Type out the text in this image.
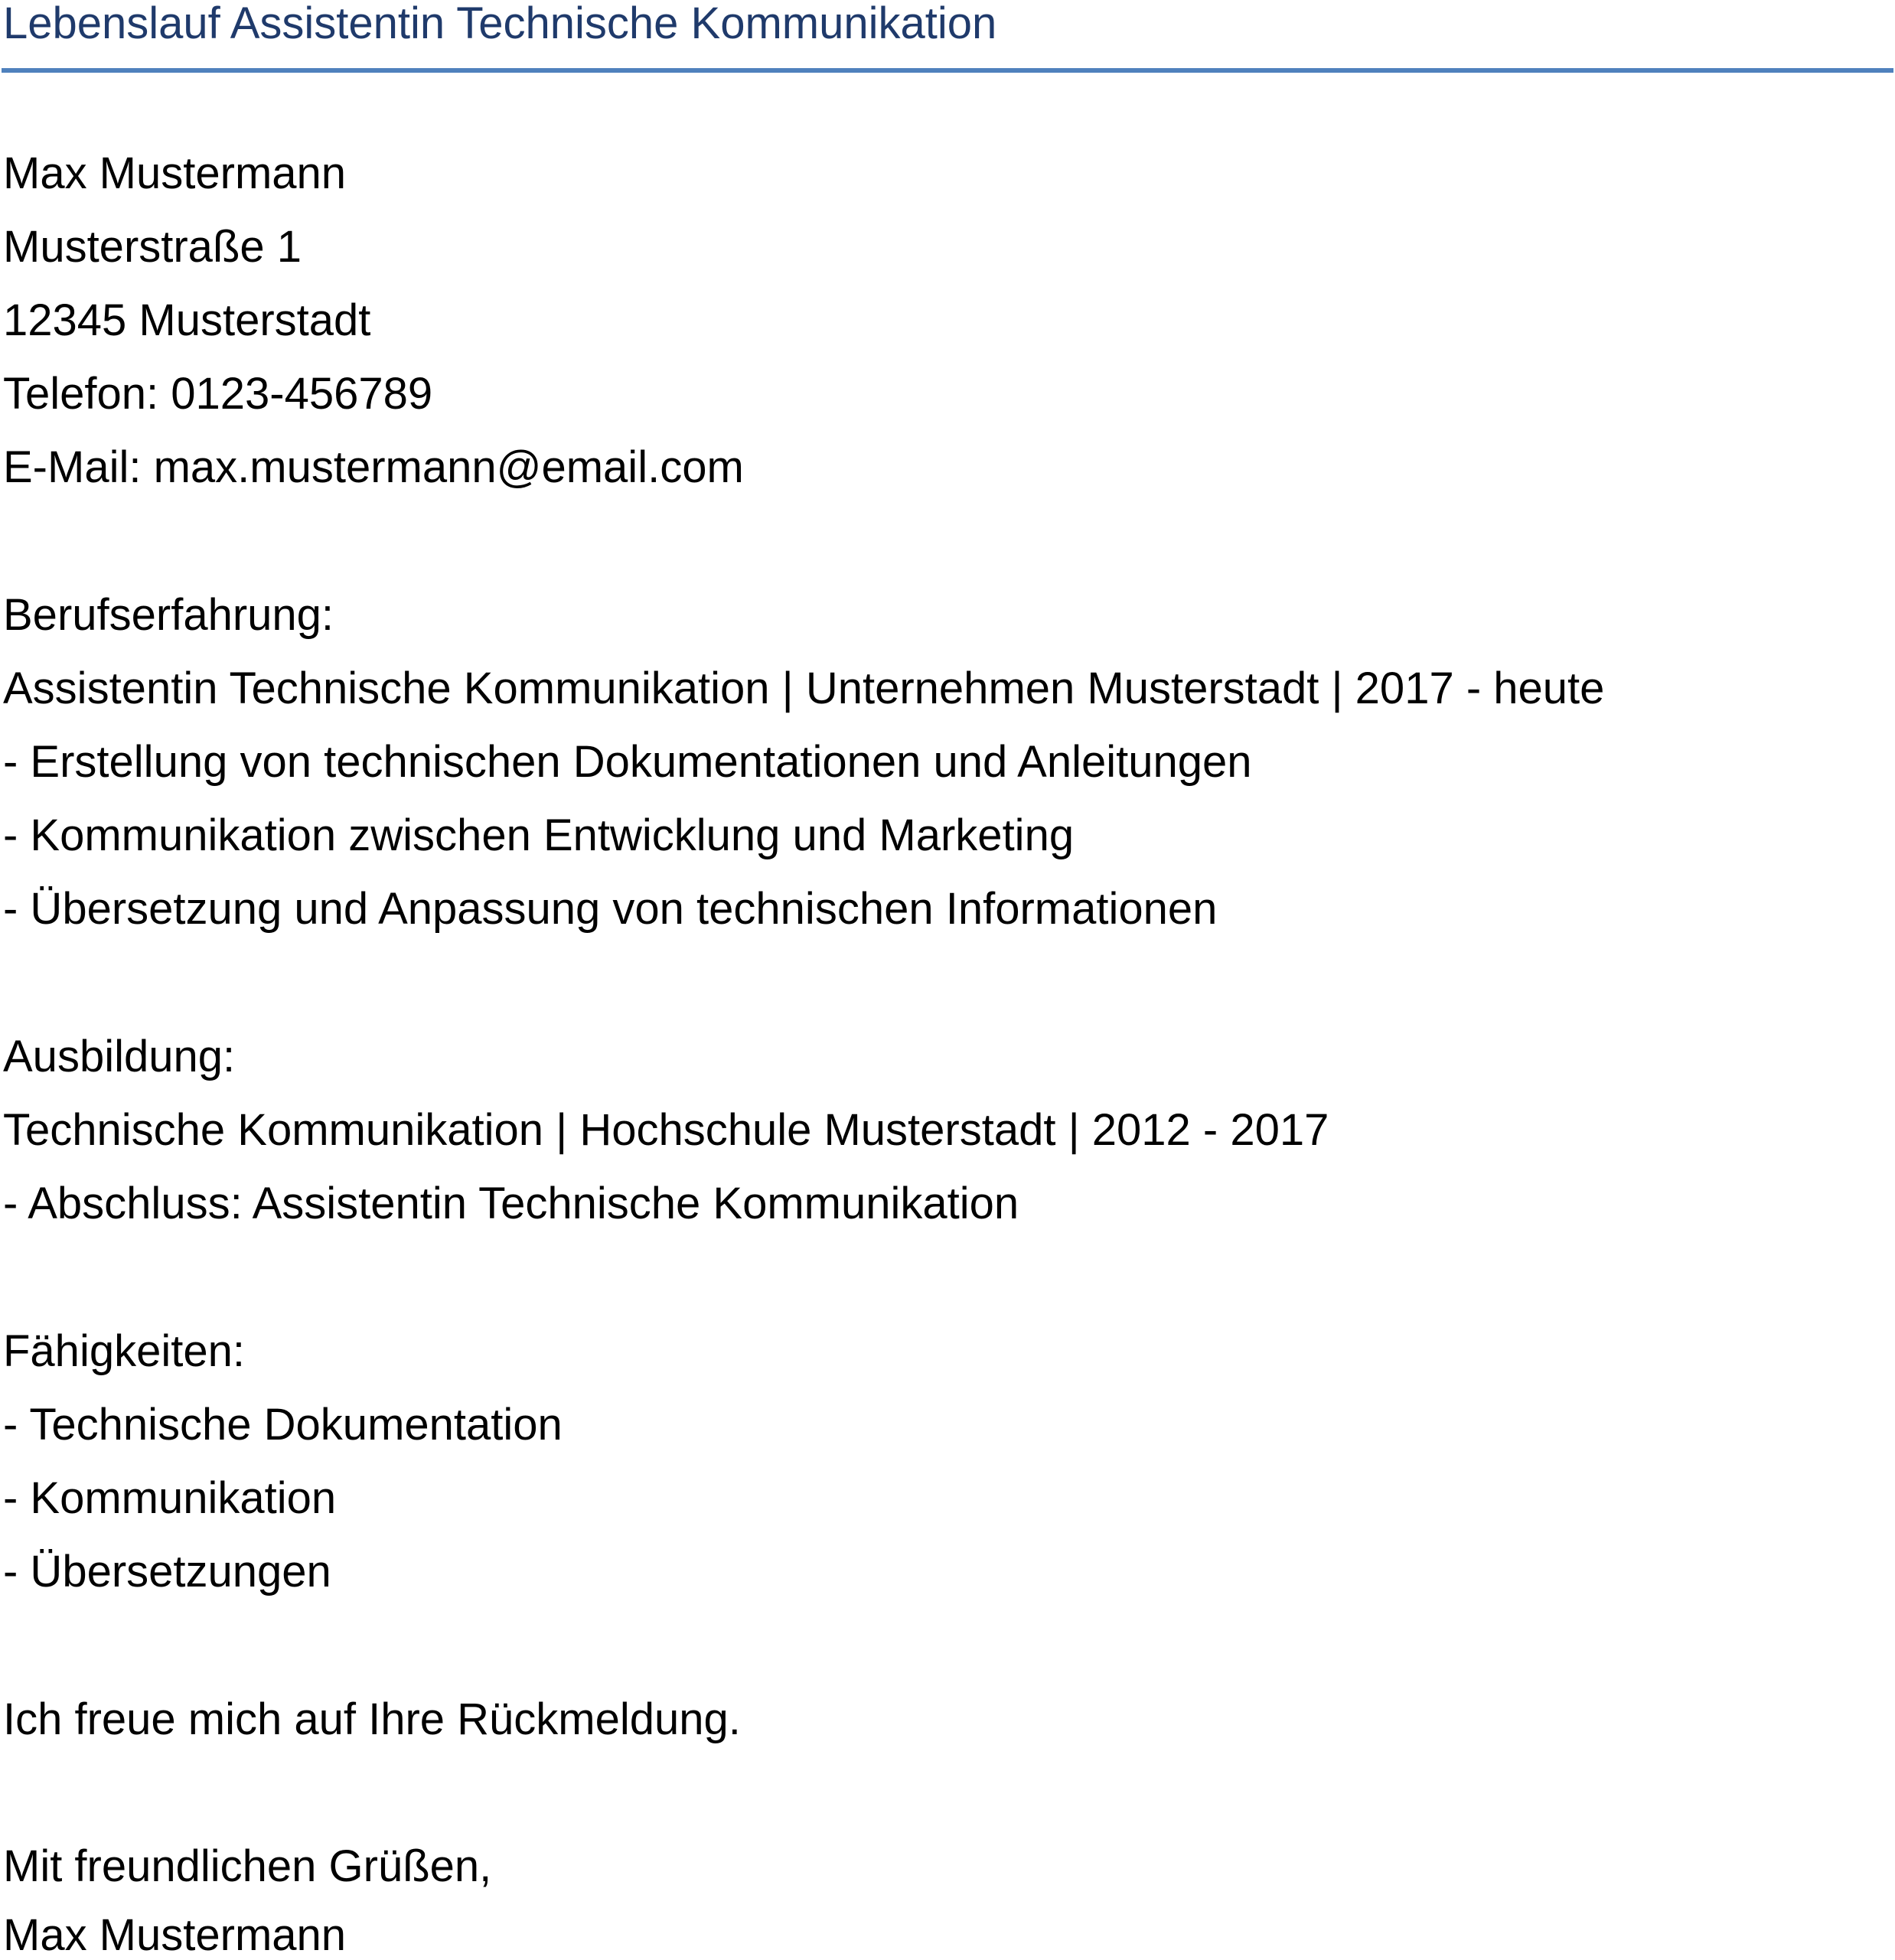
Lebenslauf Assistentin Technische Kommunikation
Max Mustermann
Musterstraße 1
12345 Musterstadt
Telefon: 0123-456789
E-Mail: max.mustermann@email.com
Berufserfahrung:
Assistentin Technische Kommunikation | Unternehmen Musterstadt | 2017 - heute
- Erstellung von technischen Dokumentationen und Anleitungen
- Kommunikation zwischen Entwicklung und Marketing
- Übersetzung und Anpassung von technischen Informationen
Ausbildung:
Technische Kommunikation | Hochschule Musterstadt | 2012 - 2017
- Abschluss: Assistentin Technische Kommunikation
Fähigkeiten:
- Technische Dokumentation
- Kommunikation
- Übersetzungen
Ich freue mich auf Ihre Rückmeldung.
Mit freundlichen Grüßen,
Max Mustermann
